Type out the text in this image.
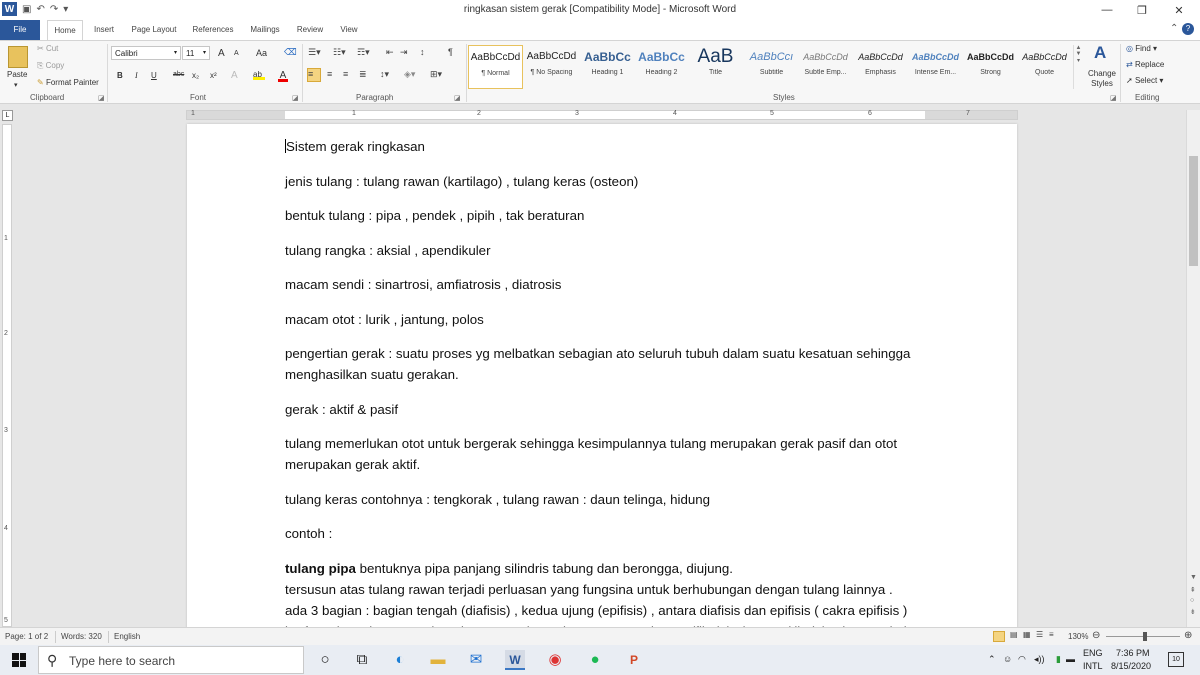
W ▣ ↶ ↷ ▾	ringkasan sistem gerak [Compatibility Mode] - Microsoft Word	—	❐	✕
File	Home	Insert	Page Layout	References	Mailings	Review	View	⌃ ?
Paste
▾
✂ Cut
⎘ Copy
✎ Format Painter
Clipboard	◪
Calibri	▾	11 ▾ A A Aa ⌫
B I U abc x₂ x² A ab	A
Font	◪
☰▾ ☷▾ ☶▾ ⇤ ⇥ ↕	¶
≡	≡ ≡ ≣ ↕▾ ◈▾ ⊞▾
Paragraph	◪
AaBbCcDd
¶ Normal
AaBbCcDd
¶ No Spacing
AaBbCc
Heading 1
AaBbCc
Heading 2
AaB
Title
AaBbCcı
Subtitle
AaBbCcDd
Subtle Emp...
AaBbCcDd
Emphasis
AaBbCcDd
Intense Em...
AaBbCcDd
Strong
AaBbCcDd
Quote
▲
▼
▾ A
Change Styles
Styles	◪
◎ Find ▾
⇄ Replace
➚ Select ▾
Editing
L	1	1	2	3	4	5	6	7
1
2
3
4
5

Sistem gerak ringkasan

jenis tulang : tulang rawan (kartilago) , tulang keras (osteon)

bentuk tulang : pipa , pendek , pipih , tak beraturan

tulang rangka : aksial , apendikuler

macam sendi : sinartrosi, amfiatrosis , diatrosis

macam otot : lurik , jantung, polos

pengertian gerak : suatu proses yg melbatkan sebagian ato seluruh tubuh dalam suatu kesatuan sehingga menghasilkan suatu gerakan.

gerak : aktif & pasif

tulang memerlukan otot untuk bergerak sehingga kesimpulannya tulang merupakan gerak pasif dan otot merupakan gerak aktif.

tulang keras contohnya : tengkorak , tulang rawan : daun telinga, hidung

contoh :

tulang pipa bentuknya pipa panjang silindris tabung dan berongga, diujung.

tersusun atas tulang rawan terjadi perluasan yang fungsina untuk berhubungan dengan tulang lainnya .

ada 3 bagian : bagian tengah (diafisis) , kedua ujung (epifisis) , antara diafisis dan epifisis ( cakra epifisis )

▼
⇞
○
⇟
Page: 1 of 2 Words: 320 English	▤ ▦ ☰ ≡ 130% ⊖	⊕
⚲ Type here to search	○	⧉	◐	▬ ✉	W ◉	●	P	⌃ ☺ ◠ ◂)) ▮ ▬
ENG
INTL
7:36 PM
8/15/2020
10
